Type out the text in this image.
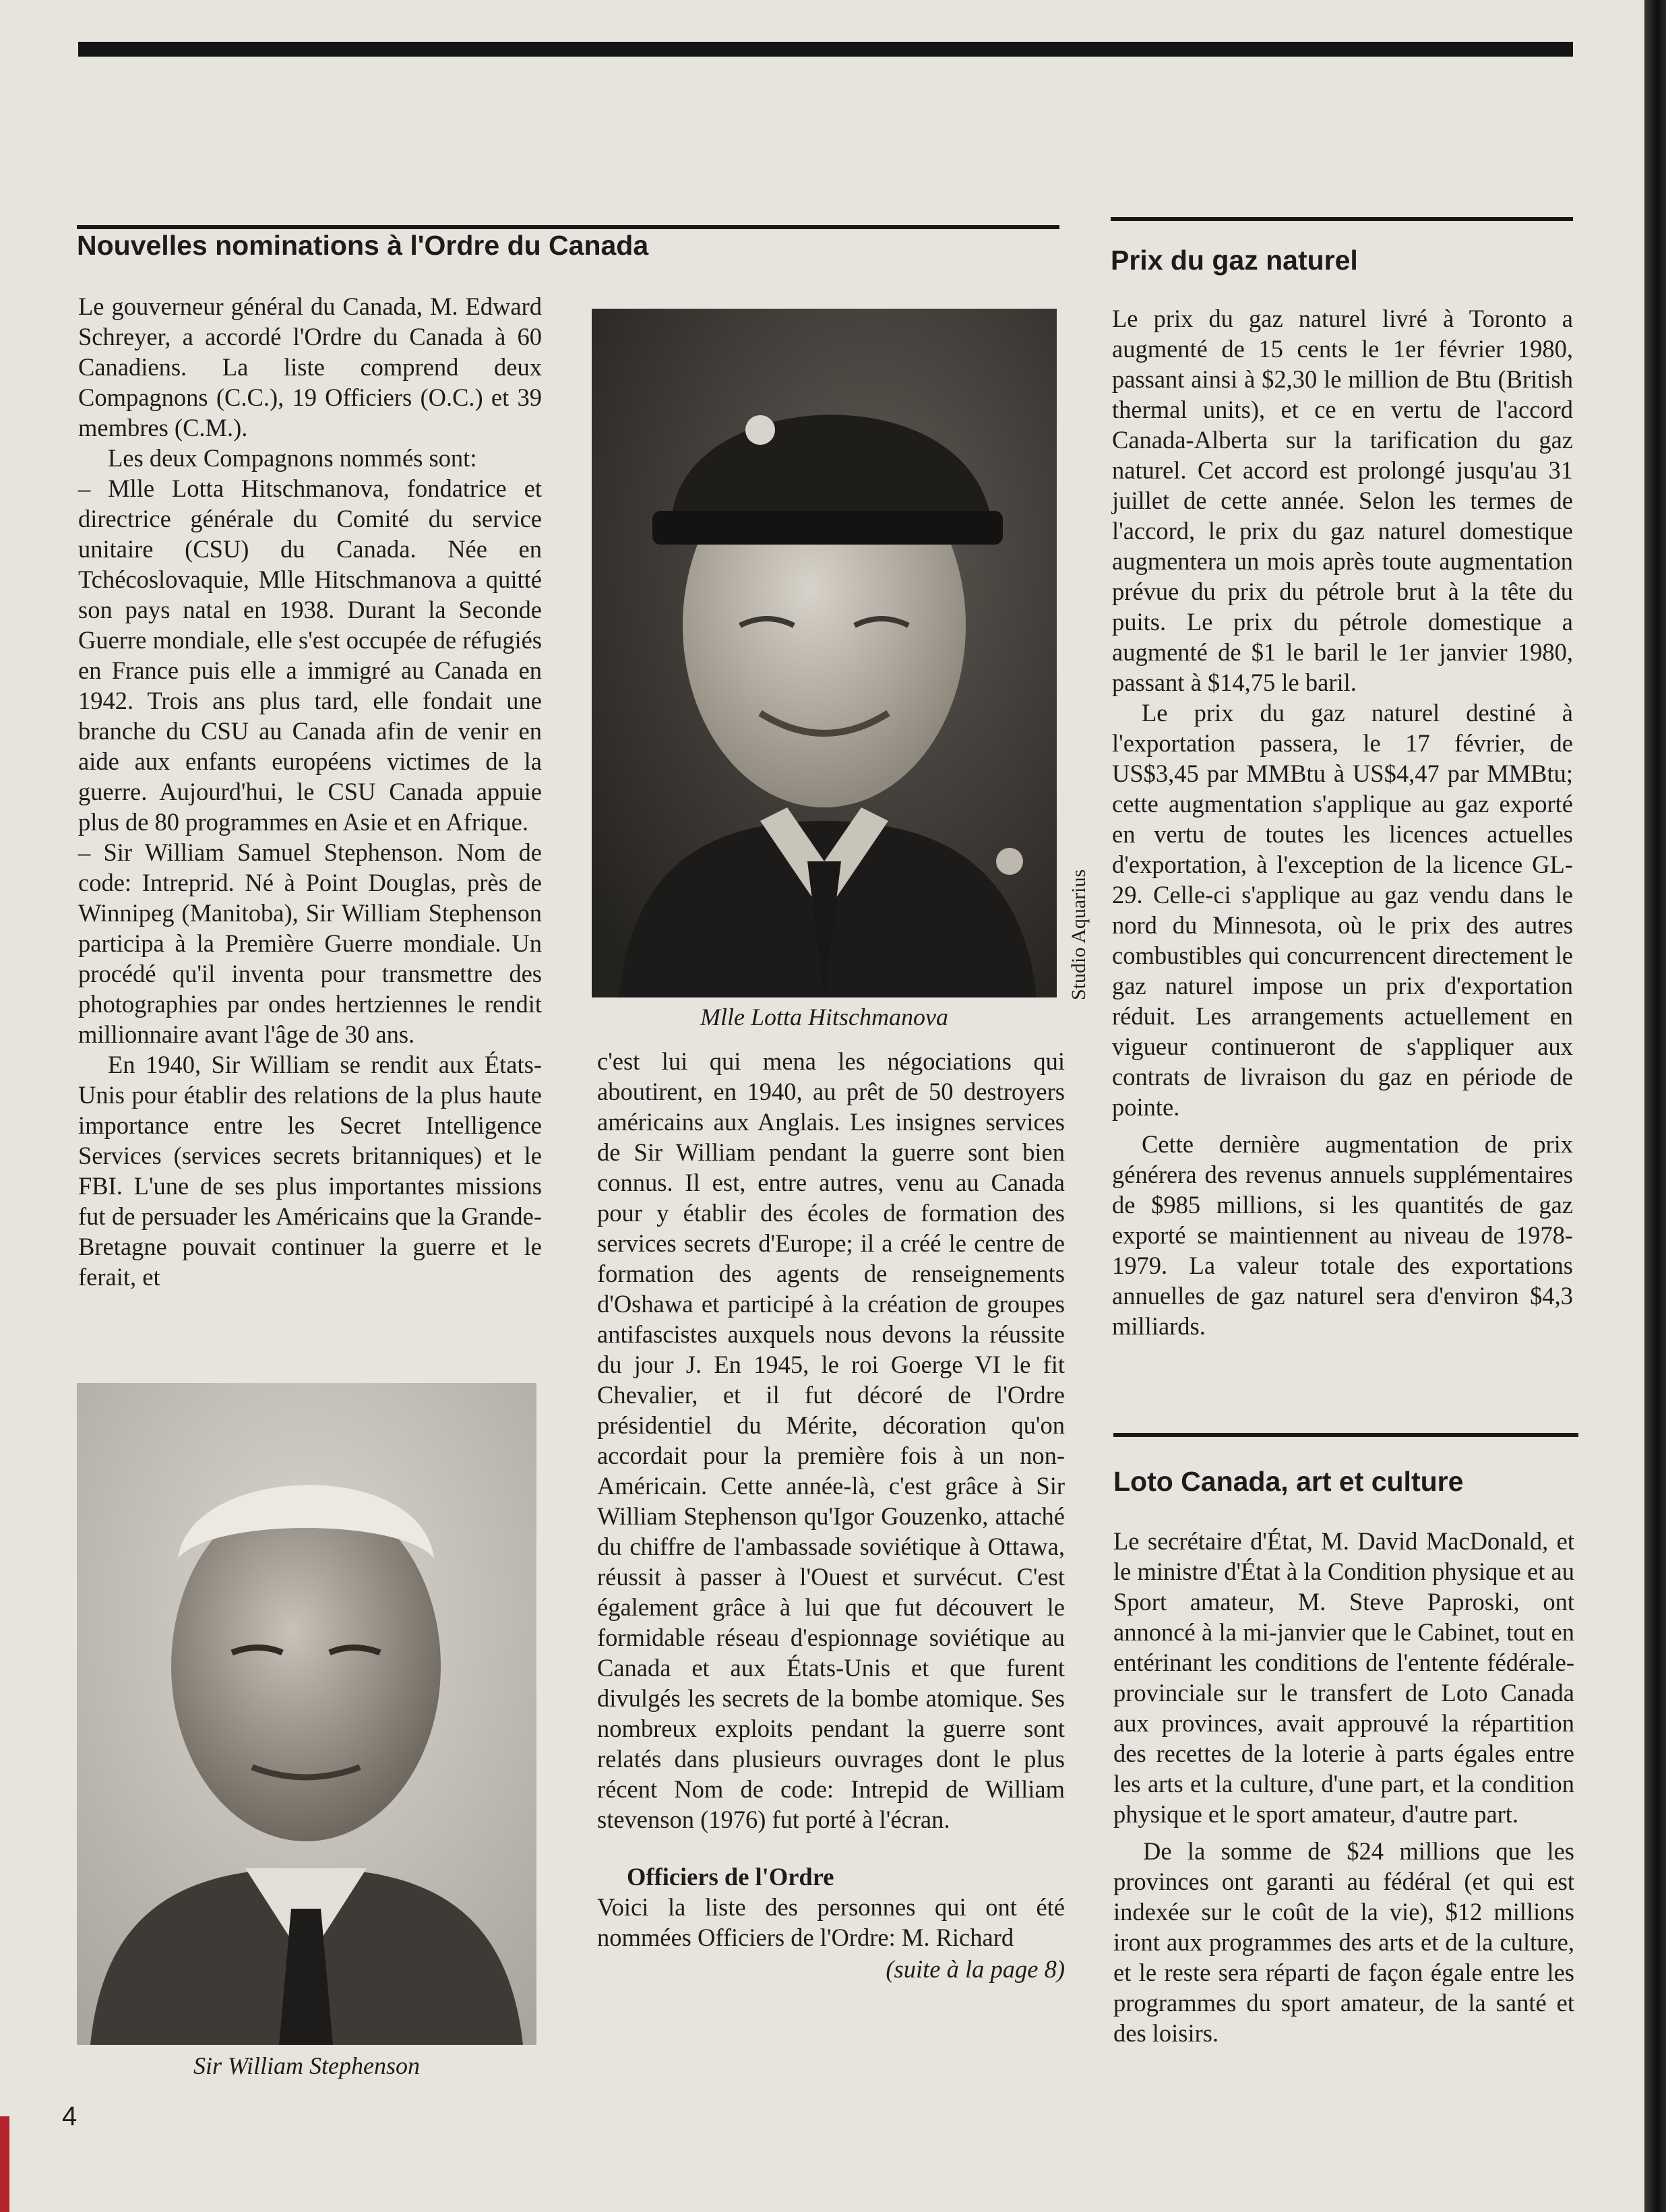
Nouvelles nominations à l'Ordre du Canada

Le gouverneur général du Canada, M. Edward Schreyer, a accordé l'Ordre du Canada à 60 Canadiens. La liste comprend deux Compagnons (C.C.), 19 Officiers (O.C.) et 39 membres (C.M.).

Les deux Compagnons nommés sont:

– Mlle Lotta Hitschmanova, fondatrice et directrice générale du Comité du service unitaire (CSU) du Canada. Née en Tchécoslovaquie, Mlle Hitschmanova a quitté son pays natal en 1938. Durant la Seconde Guerre mondiale, elle s'est occupée de réfugiés en France puis elle a immigré au Canada en 1942. Trois ans plus tard, elle fondait une branche du CSU au Canada afin de venir en aide aux enfants européens victimes de la guerre. Aujourd'hui, le CSU Canada appuie plus de 80 programmes en Asie et en Afrique.

– Sir William Samuel Stephenson. Nom de code: Intreprid. Né à Point Douglas, près de Winnipeg (Manitoba), Sir William Stephenson participa à la Première Guerre mondiale. Un procédé qu'il inventa pour transmettre des photographies par ondes hertziennes le rendit millionnaire avant l'âge de 30 ans.

En 1940, Sir William se rendit aux États-Unis pour établir des relations de la plus haute importance entre les Secret Intelligence Services (services secrets britanniques) et le FBI. L'une de ses plus importantes missions fut de persuader les Américains que la Grande-Bretagne pouvait continuer la guerre et le ferait, et

Studio Aquarius
Mlle Lotta Hitschmanova
Sir William Stephenson

c'est lui qui mena les négociations qui aboutirent, en 1940, au prêt de 50 destroyers américains aux Anglais. Les insignes services de Sir William pendant la guerre sont bien connus. Il est, entre autres, venu au Canada pour y établir des écoles de formation des services secrets d'Europe; il a créé le centre de formation des agents de renseignements d'Oshawa et participé à la création de groupes antifascistes auxquels nous devons la réussite du jour J. En 1945, le roi Goerge VI le fit Chevalier, et il fut décoré de l'Ordre présidentiel du Mérite, décoration qu'on accordait pour la première fois à un non-Américain. Cette année-là, c'est grâce à Sir William Stephenson qu'Igor Gouzenko, attaché du chiffre de l'ambassade soviétique à Ottawa, réussit à passer à l'Ouest et survécut. C'est également grâce à lui que fut découvert le formidable réseau d'espionnage soviétique au Canada et aux États-Unis et que furent divulgés les secrets de la bombe atomique. Ses nombreux exploits pendant la guerre sont relatés dans plusieurs ouvrages dont le plus récent Nom de code: Intrepid de William stevenson (1976) fut porté à l'écran.

Officiers de l'Ordre

Voici la liste des personnes qui ont été nommées Officiers de l'Ordre: M. Richard

(suite à la page 8)

Prix du gaz naturel

Le prix du gaz naturel livré à Toronto a augmenté de 15 cents le 1er février 1980, passant ainsi à $2,30 le million de Btu (British thermal units), et ce en vertu de l'accord Canada-Alberta sur la tarification du gaz naturel. Cet accord est prolongé jusqu'au 31 juillet de cette année. Selon les termes de l'accord, le prix du gaz naturel domestique augmentera un mois après toute augmentation prévue du prix du pétrole brut à la tête du puits. Le prix du pétrole domestique a augmenté de $1 le baril le 1er janvier 1980, passant à $14,75 le baril.

Le prix du gaz naturel destiné à l'exportation passera, le 17 février, de US$3,45 par MMBtu à US$4,47 par MMBtu; cette augmentation s'applique au gaz exporté en vertu de toutes les licences actuelles d'exportation, à l'exception de la licence GL-29. Celle-ci s'applique au gaz vendu dans le nord du Minnesota, où le prix des autres combustibles qui concurrencent directement le gaz naturel impose un prix d'exportation réduit. Les arrangements actuellement en vigueur continueront de s'appliquer aux contrats de livraison du gaz en période de pointe.

Cette dernière augmentation de prix générera des revenus annuels supplémentaires de $985 millions, si les quantités de gaz exporté se maintiennent au niveau de 1978-1979. La valeur totale des exportations annuelles de gaz naturel sera d'environ $4,3 milliards.

Loto Canada, art et culture

Le secrétaire d'État, M. David MacDonald, et le ministre d'État à la Condition physique et au Sport amateur, M. Steve Paproski, ont annoncé à la mi-janvier que le Cabinet, tout en entérinant les conditions de l'entente fédérale-provinciale sur le transfert de Loto Canada aux provinces, avait approuvé la répartition des recettes de la loterie à parts égales entre les arts et la culture, d'une part, et la condition physique et le sport amateur, d'autre part.

De la somme de $24 millions que les provinces ont garanti au fédéral (et qui est indexée sur le coût de la vie), $12 millions iront aux programmes des arts et de la culture, et le reste sera réparti de façon égale entre les programmes du sport amateur, de la santé et des loisirs.

4
